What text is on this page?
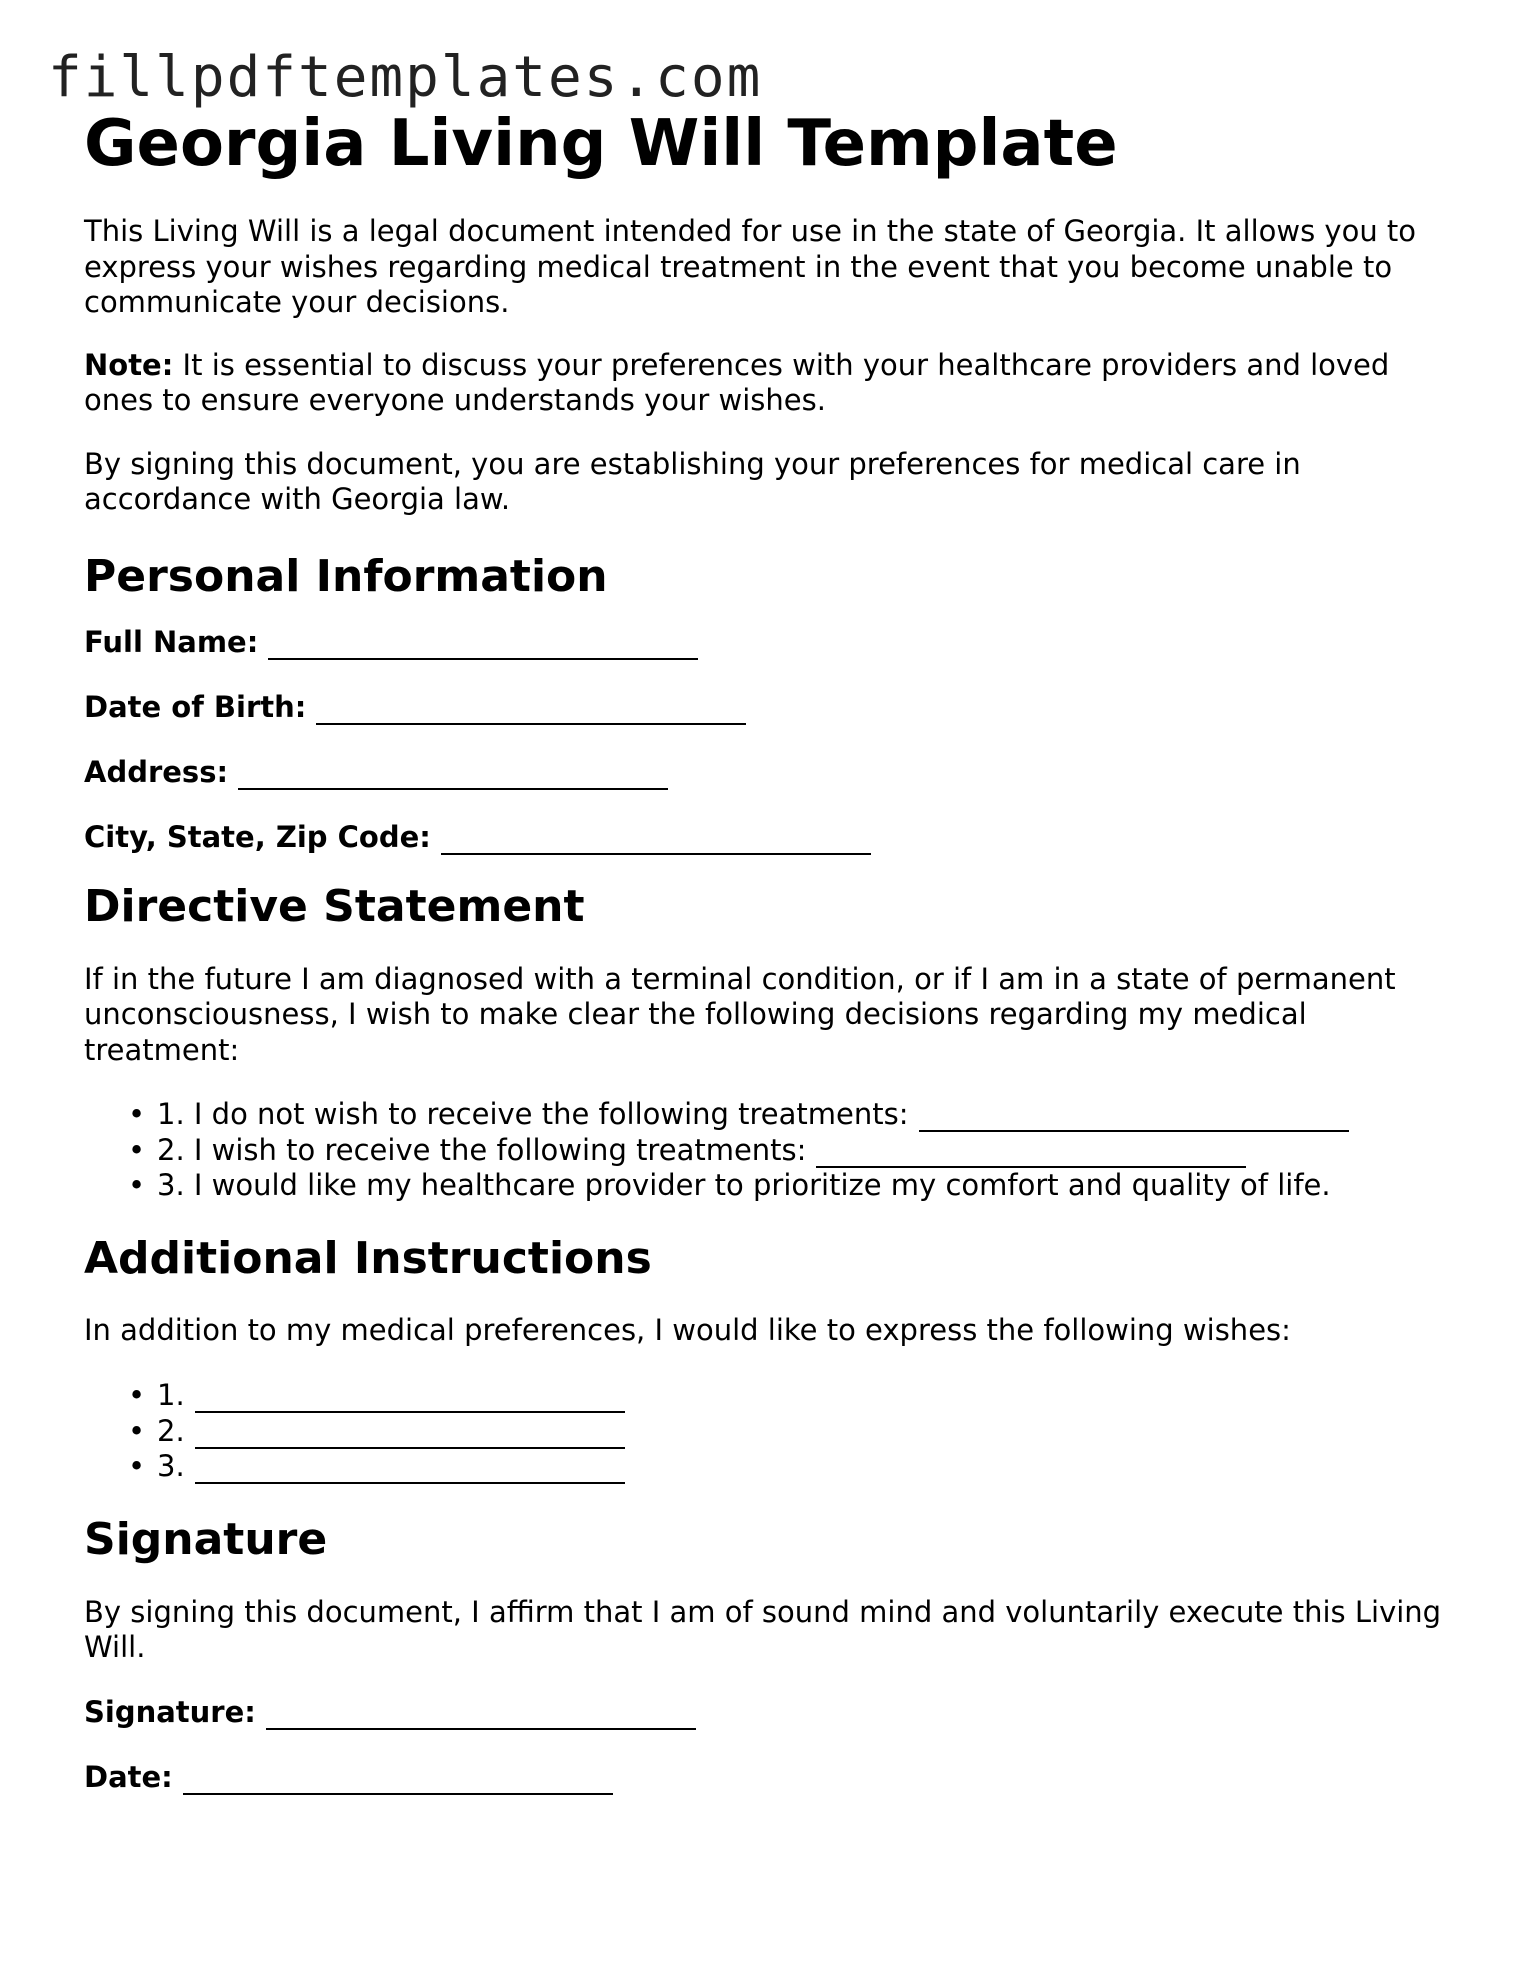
fillpdftemplates.com
Georgia Living Will Template

This Living Will is a legal document intended for use in the state of Georgia. It allows you to express your wishes regarding medical treatment in the event that you become unable to communicate your decisions.

Note: It is essential to discuss your preferences with your healthcare providers and loved ones to ensure everyone understands your wishes.

By signing this document, you are establishing your preferences for medical care in accordance with Georgia law.

Personal Information
Full Name:
Date of Birth:
Address:
City, State, Zip Code:
Directive Statement

If in the future I am diagnosed with a terminal condition, or if I am in a state of permanent unconsciousness, I wish to make clear the following decisions regarding my medical treatment:

• 1. I do not wish to receive the following treatments:
• 2. I wish to receive the following treatments:
• 3. I would like my healthcare provider to prioritize my comfort and quality of life.
Additional Instructions

In addition to my medical preferences, I would like to express the following wishes:

• 1.
• 2.
• 3.
Signature

By signing this document, I affirm that I am of sound mind and voluntarily execute this Living Will.

Signature:
Date:
